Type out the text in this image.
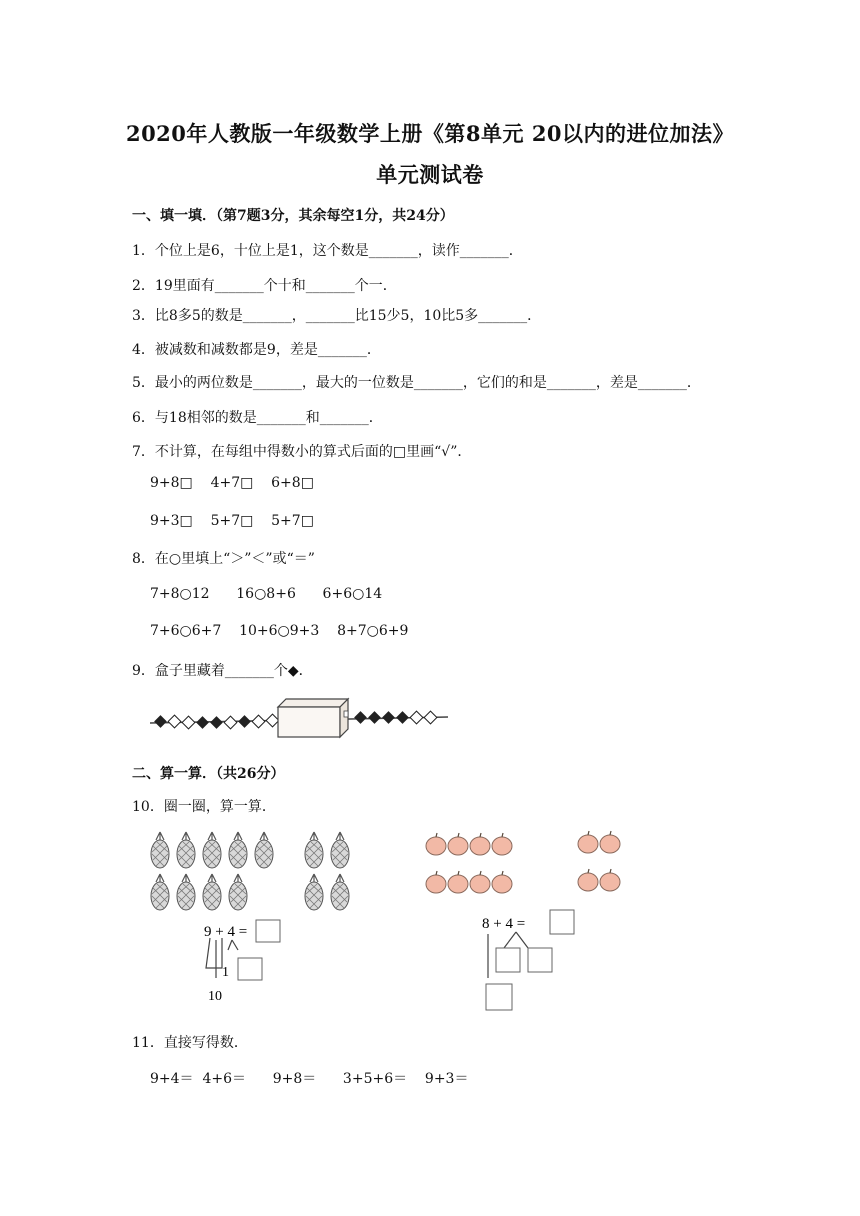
2020年人教版一年级数学上册《第8单元 20以内的进位加法》
单元测试卷
一、填一填．（第7题3分，其余每空1分，共24分）
1．个位上是6，十位上是1，这个数是_______，读作_______．
2．19里面有_______个十和_______个一．
3．比8多5的数是_______，_______比15少5，10比5多_______．
4．被减数和减数都是9，差是_______．
5．最小的两位数是_______，最大的一位数是_______，它们的和是_______，差是_______．
6．与18相邻的数是_______和_______．
7．不计算，在每组中得数小的算式后面的□里画“√”．
9+8□    4+7□    6+8□
9+3□    5+7□    5+7□
8．在○里填上“＞”＜”或“＝”
7+8○12      16○8+6      6+6○14
7+6○6+7    10+6○9+3    8+7○6+9
9．盒子里藏着_______个◆．
二、算一算．（共26分）
10．圈一圈，算一算．
9 + 4 =
1
10
8 + 4 =
11．直接写得数．
9+4＝  4+6＝      9+8＝      3+5+6＝    9+3＝
